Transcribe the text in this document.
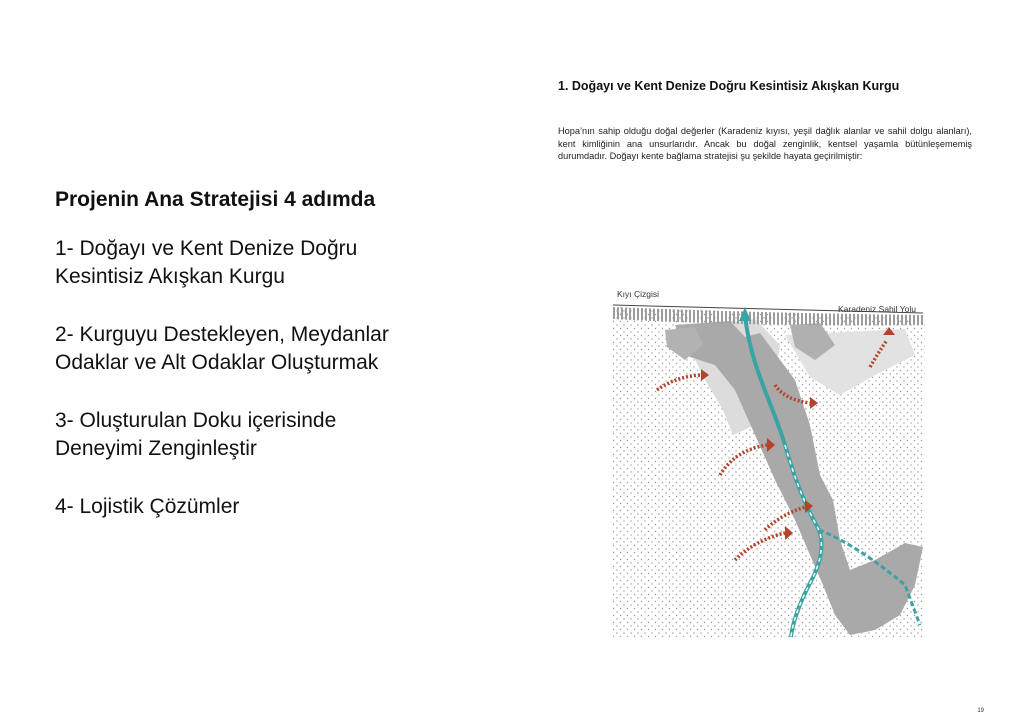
Projenin Ana Stratejisi 4 adımda
1- Doğayı ve Kent Denize Doğru
Kesintisiz Akışkan Kurgu
2- Kurguyu Destekleyen, Meydanlar
Odaklar ve Alt Odaklar Oluşturmak
3- Oluşturulan Doku içerisinde
Deneyimi Zenginleştir
4- Lojistik Çözümler
1. Doğayı ve Kent Denize Doğru Kesintisiz Akışkan Kurgu
Hopa’nın sahip olduğu doğal değerler (Karadeniz kıyısı, yeşil dağlık alanlar ve sahil dolgu alanları), kent kimliğinin ana unsurlarıdır. Ancak bu doğal zenginlik, kentsel yaşamla bütünleşememiş durumdadır. Doğayı kente bağlama stratejisi şu şekilde hayata geçirilmiştir:
Kıyı Çizgisi
Karadeniz Sahil Yolu
19
